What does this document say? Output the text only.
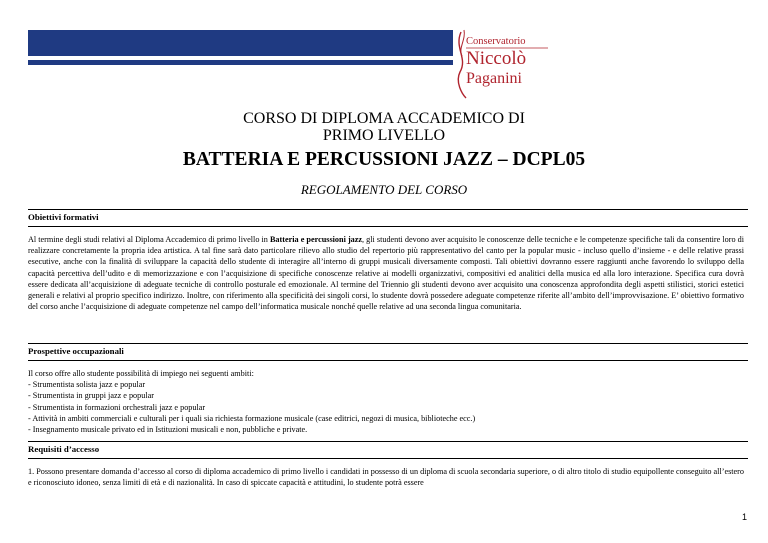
Conservatorio
Niccolò
Paganini
CORSO DI DIPLOMA ACCADEMICO DI
PRIMO LIVELLO
BATTERIA E PERCUSSIONI JAZZ – DCPL05
REGOLAMENTO DEL CORSO
Obiettivi formativi
Al termine degli studi relativi al Diploma Accademico di primo livello in Batteria e percussioni jazz, gli studenti devono aver acquisito le conoscenze delle tecniche e le competenze specifiche tali da consentire loro di realizzare concretamente la propria idea artistica. A tal fine sarà dato particolare rilievo allo studio del repertorio più rappresentativo del canto per la popular music - incluso quello d’insieme - e delle relative prassi esecutive, anche con la finalità di sviluppare la capacità dello studente di interagire all’interno di gruppi musicali diversamente composti. Tali obiettivi dovranno essere raggiunti anche favorendo lo sviluppo della capacità percettiva dell’udito e di memorizzazione e con l’acquisizione di specifiche conoscenze relative ai modelli organizzativi, compositivi ed analitici della musica ed alla loro interazione. Specifica cura dovrà essere dedicata all’acquisizione di adeguate tecniche di controllo posturale ed emozionale. Al termine del Triennio gli studenti devono aver acquisito una conoscenza approfondita degli aspetti stilistici, storici estetici generali e relativi al proprio specifico indirizzo. Inoltre, con riferimento alla specificità dei singoli corsi, lo studente dovrà possedere adeguate competenze riferite all’ambito dell’improvvisazione. E’ obiettivo formativo del corso anche l’acquisizione di adeguate competenze nel campo dell’informatica musicale nonché quelle relative ad una seconda lingua comunitaria.
Prospettive occupazionali
Il corso offre allo studente possibilità di impiego nei seguenti ambiti:
- Strumentista solista jazz e popular
- Strumentista in gruppi jazz e popular
- Strumentista in formazioni orchestrali jazz e popular
- Attività in ambiti commerciali e culturali per i quali sia richiesta formazione musicale (case editrici, negozi di musica, biblioteche ecc.)
- Insegnamento musicale privato ed in Istituzioni musicali e non, pubbliche e private.
Requisiti d’accesso
1. Possono presentare domanda d’accesso al corso di diploma accademico di primo livello i candidati in possesso di un diploma di scuola secondaria superiore, o di altro titolo di studio equipollente conseguito all’estero e riconosciuto idoneo, senza limiti di età e di nazionalità. In caso di spiccate capacità e attitudini, lo studente potrà essere
1
